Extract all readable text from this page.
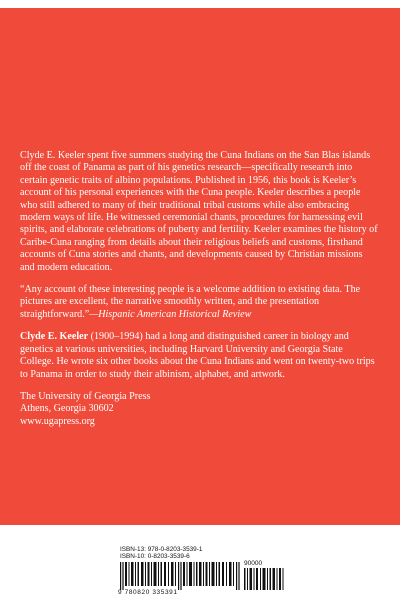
Clyde E. Keeler spent five summers studying the Cuna Indians on the San Blas islands off the coast of Panama as part of his genetics research—specifically research into certain genetic traits of albino populations. Published in 1956, this book is Keeler’s account of his personal experiences with the Cuna people. Keeler describes a people who still adhered to many of their traditional tribal customs while also embracing modern ways of life. He witnessed ceremonial chants, procedures for harnessing evil spirits, and elaborate celebrations of puberty and fertility. Keeler examines the history of Caribe-Cuna ranging from details about their religious beliefs and customs, firsthand accounts of Cuna stories and chants, and developments caused by Christian missions and modern education.

“Any account of these interesting people is a welcome addition to existing data. The pictures are excellent, the narrative smoothly written, and the presentation straightforward.”—Hispanic American Historical Review

Clyde E. Keeler (1900–1994) had a long and distinguished career in biology and genetics at various universities, including Harvard University and Georgia State College. He wrote six other books about the Cuna Indians and went on twenty-two trips to Panama in order to study their albinism, alphabet, and artwork.

The University of Georgia Press
Athens, Georgia 30602
www.ugapress.org
ISBN-13: 978-0-8203-3539-1
ISBN-10: 0-8203-3539-6
90000
9 780820 335391
